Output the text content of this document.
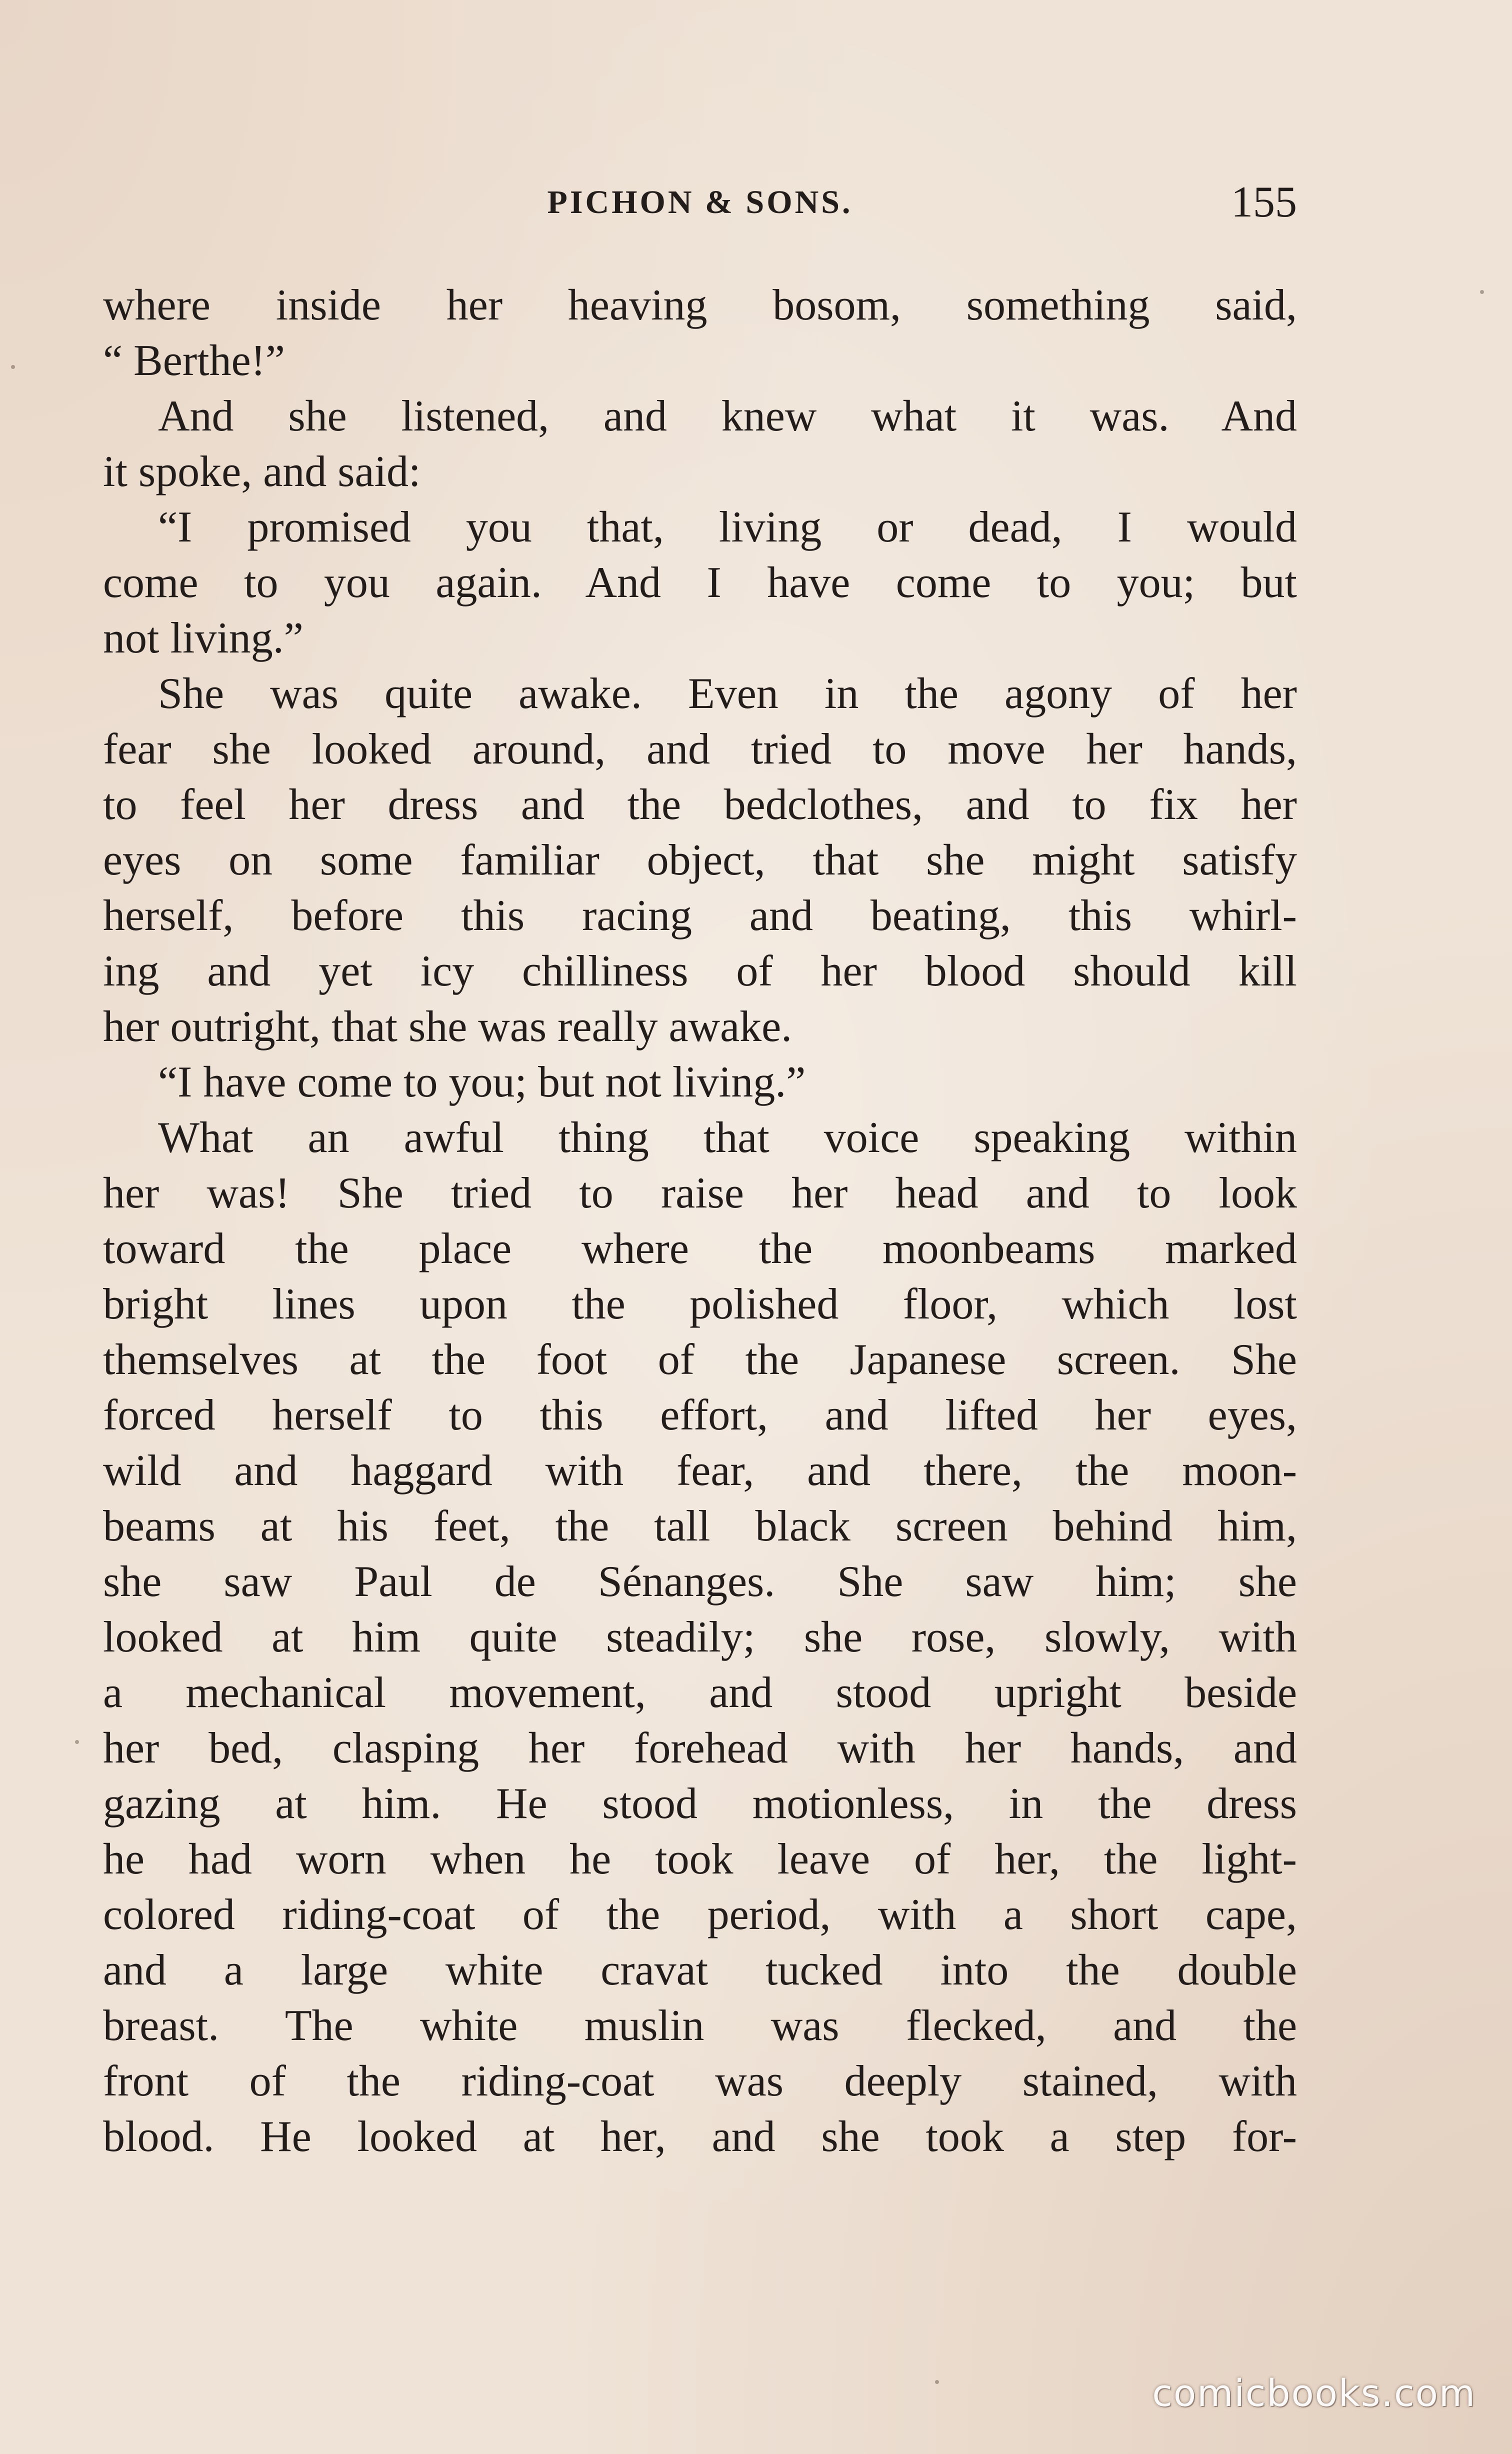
PICHON & SONS.	155
where inside her heaving bosom, something said,
“ Berthe!”
And she listened, and knew what it was. And
it spoke, and said:
“I promised you that, living or dead, I would
come to you again. And I have come to you; but
not living.”
She was quite awake. Even in the agony of her
fear she looked around, and tried to move her hands,
to feel her dress and the bedclothes, and to fix her
eyes on some familiar object, that she might satisfy
herself, before this racing and beating, this whirl-
ing and yet icy chilliness of her blood should kill
her outright, that she was really awake.
“I have come to you; but not living.”
What an awful thing that voice speaking within
her was! She tried to raise her head and to look
toward the place where the moonbeams marked
bright lines upon the polished floor, which lost
themselves at the foot of the Japanese screen. She
forced herself to this effort, and lifted her eyes,
wild and haggard with fear, and there, the moon-
beams at his feet, the tall black screen behind him,
she saw Paul de Sénanges. She saw him; she
looked at him quite steadily; she rose, slowly, with
a mechanical movement, and stood upright beside
her bed, clasping her forehead with her hands, and
gazing at him. He stood motionless, in the dress
he had worn when he took leave of her, the light-
colored riding-coat of the period, with a short cape,
and a large white cravat tucked into the double
breast. The white muslin was flecked, and the
front of the riding-coat was deeply stained, with
blood. He looked at her, and she took a step for-
comicbooks.com
